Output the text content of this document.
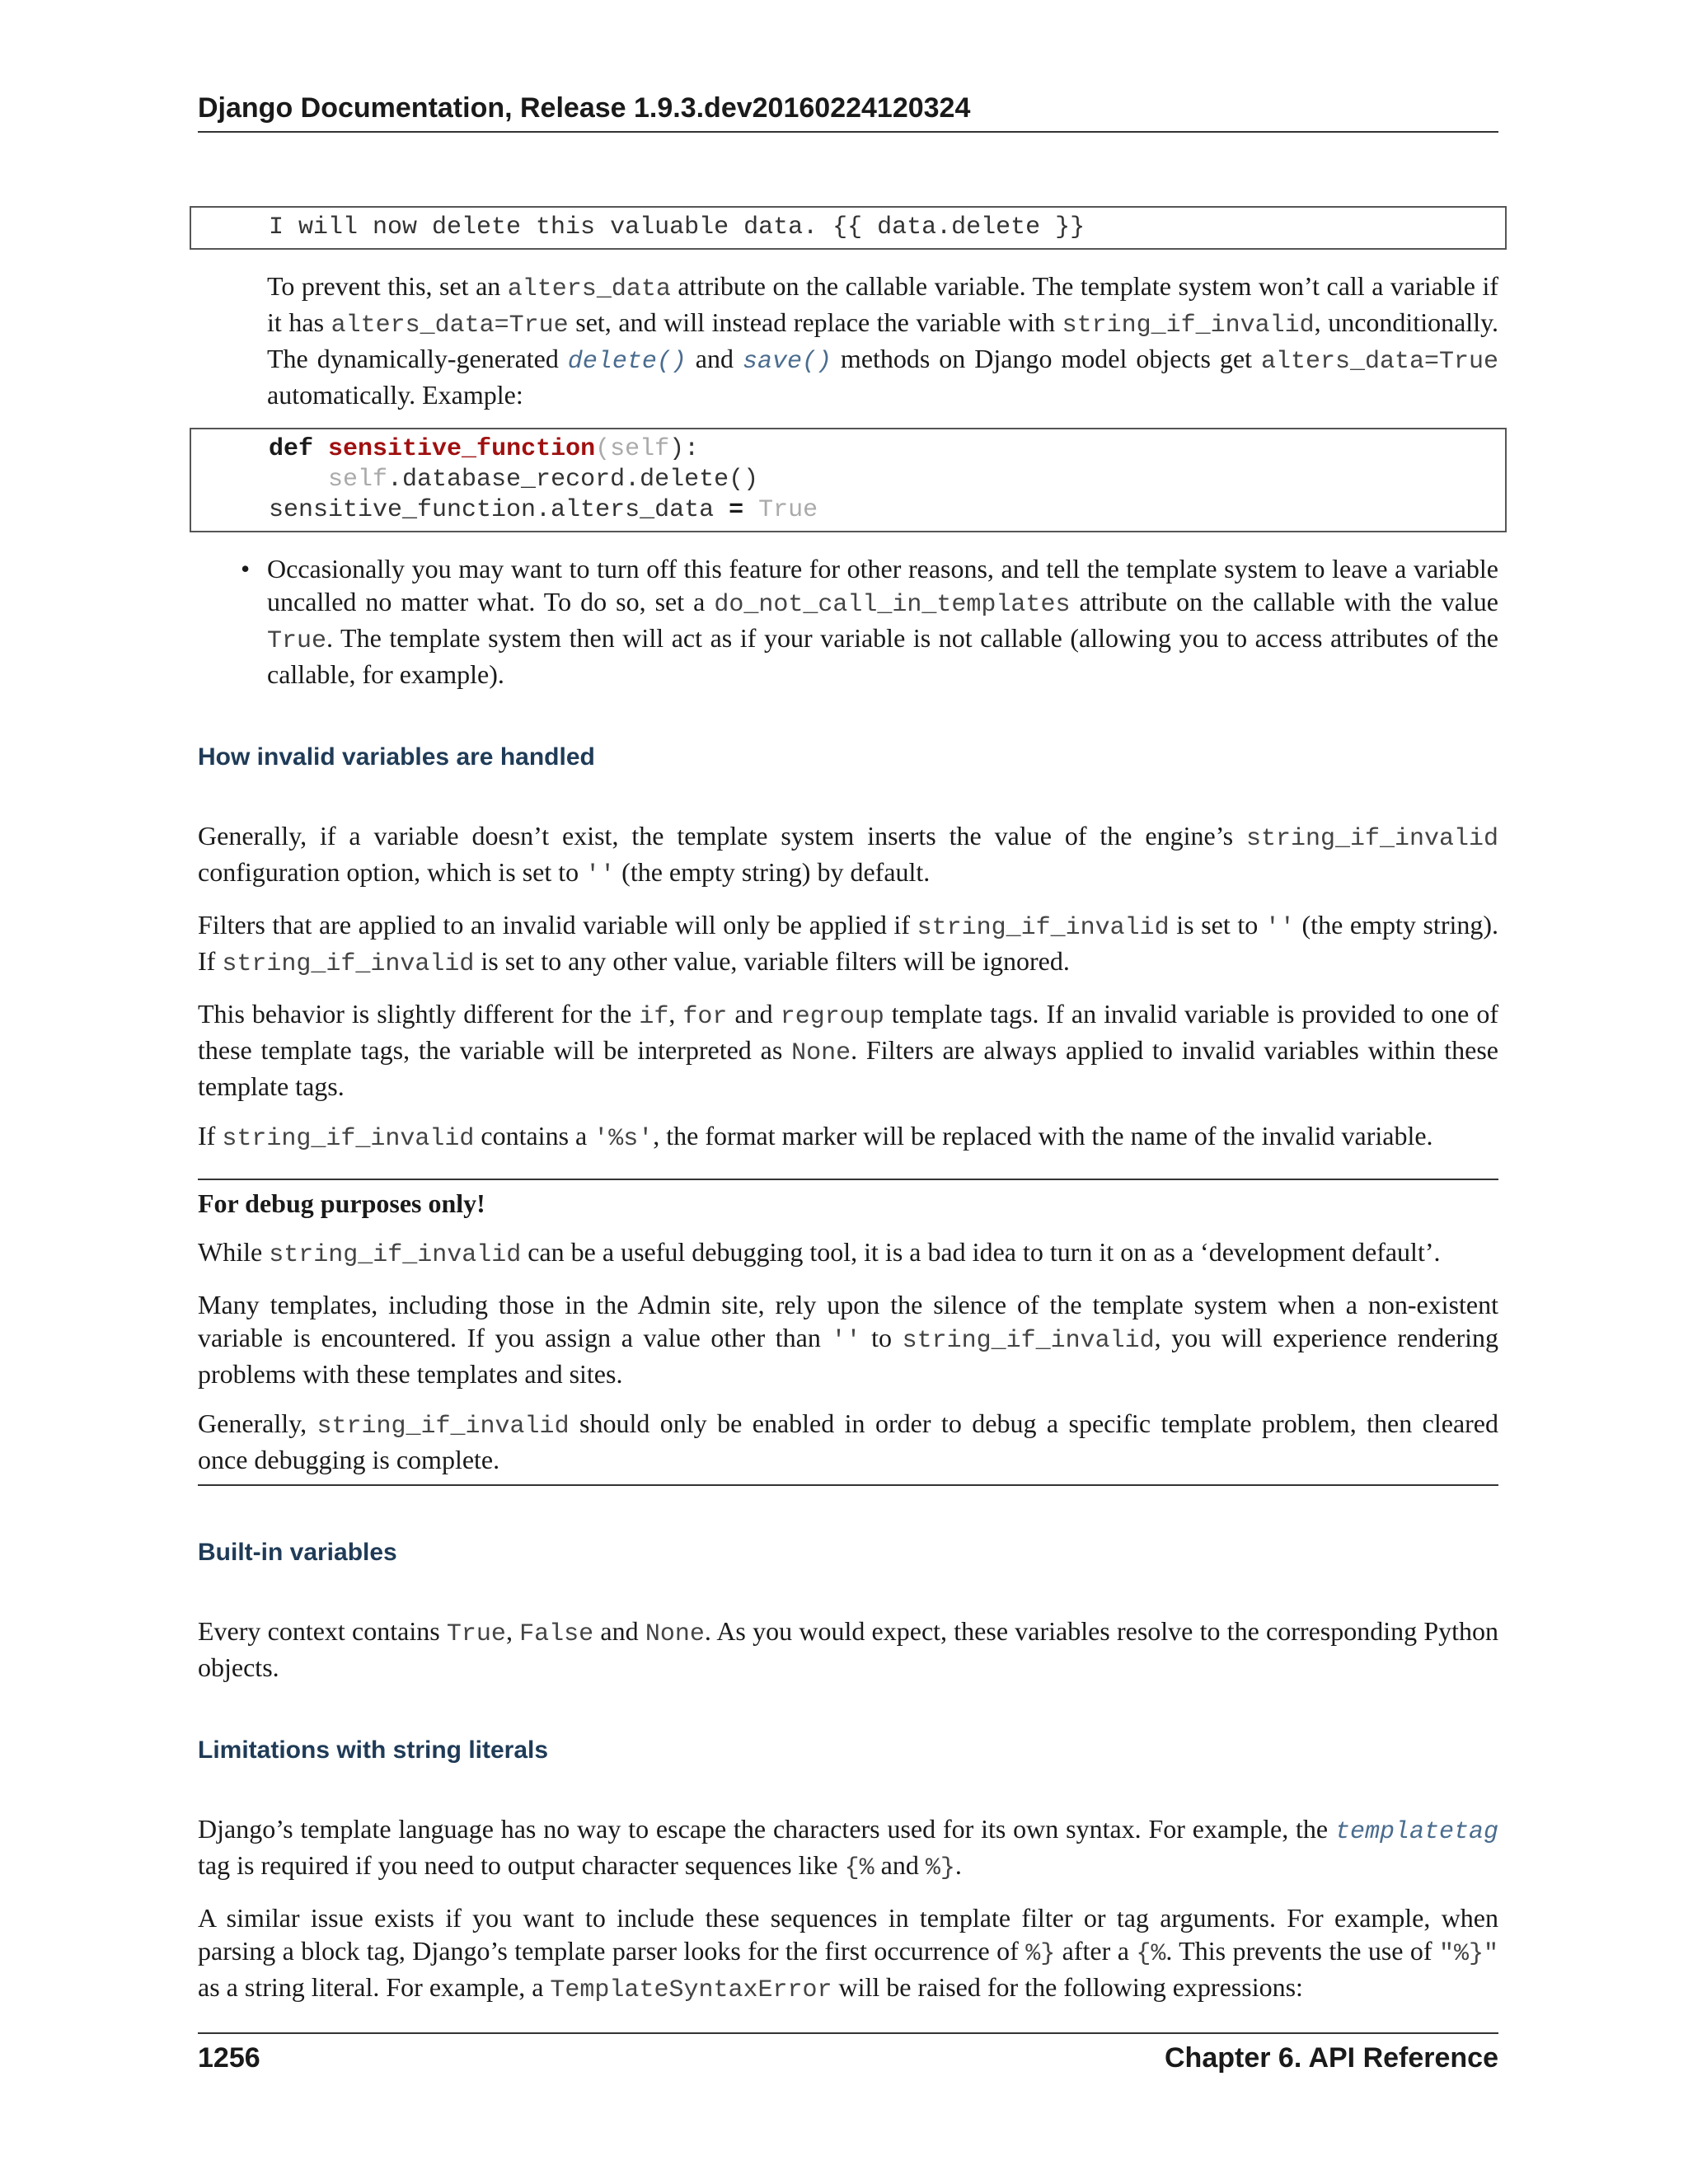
Django Documentation, Release 1.9.3.dev20160224120324
I will now delete this valuable data. {{ data.delete }}

To prevent this, set an alters_data attribute on the callable variable. The template system won’t call a variable if it has alters_data=True set, and will instead replace the variable with string_if_invalid, unconditionally. The dynamically-generated delete() and save() methods on Django model objects get alters_data=True automatically. Example:

def sensitive_function(self):
self.database_record.delete()
sensitive_function.alters_data = True
• Occasionally you may want to turn off this feature for other reasons, and tell the template system to leave a variable uncalled no matter what. To do so, set a do_not_call_in_templates attribute on the callable with the value True. The template system then will act as if your variable is not callable (allowing you to access attributes of the callable, for example).
How invalid variables are handled

Generally, if a variable doesn’t exist, the template system inserts the value of the engine’s string_if_invalid configuration option, which is set to '' (the empty string) by default.

Filters that are applied to an invalid variable will only be applied if string_if_invalid is set to '' (the empty string). If string_if_invalid is set to any other value, variable filters will be ignored.

This behavior is slightly different for the if, for and regroup template tags. If an invalid variable is provided to one of these template tags, the variable will be interpreted as None. Filters are always applied to invalid variables within these template tags.

If string_if_invalid contains a '%s', the format marker will be replaced with the name of the invalid variable.

For debug purposes only!

While string_if_invalid can be a useful debugging tool, it is a bad idea to turn it on as a ‘development default’.

Many templates, including those in the Admin site, rely upon the silence of the template system when a non-existent variable is encountered. If you assign a value other than '' to string_if_invalid, you will experience rendering problems with these templates and sites.

Generally, string_if_invalid should only be enabled in order to debug a specific template problem, then cleared once debugging is complete.

Built-in variables

Every context contains True, False and None. As you would expect, these variables resolve to the corresponding Python objects.

Limitations with string literals

Django’s template language has no way to escape the characters used for its own syntax. For example, the templatetag tag is required if you need to output character sequences like {% and %}.

A similar issue exists if you want to include these sequences in template filter or tag arguments. For example, when parsing a block tag, Django’s template parser looks for the first occurrence of %} after a {%. This prevents the use of "%}" as a string literal. For example, a TemplateSyntaxError will be raised for the following expressions:

1256	Chapter 6. API Reference
